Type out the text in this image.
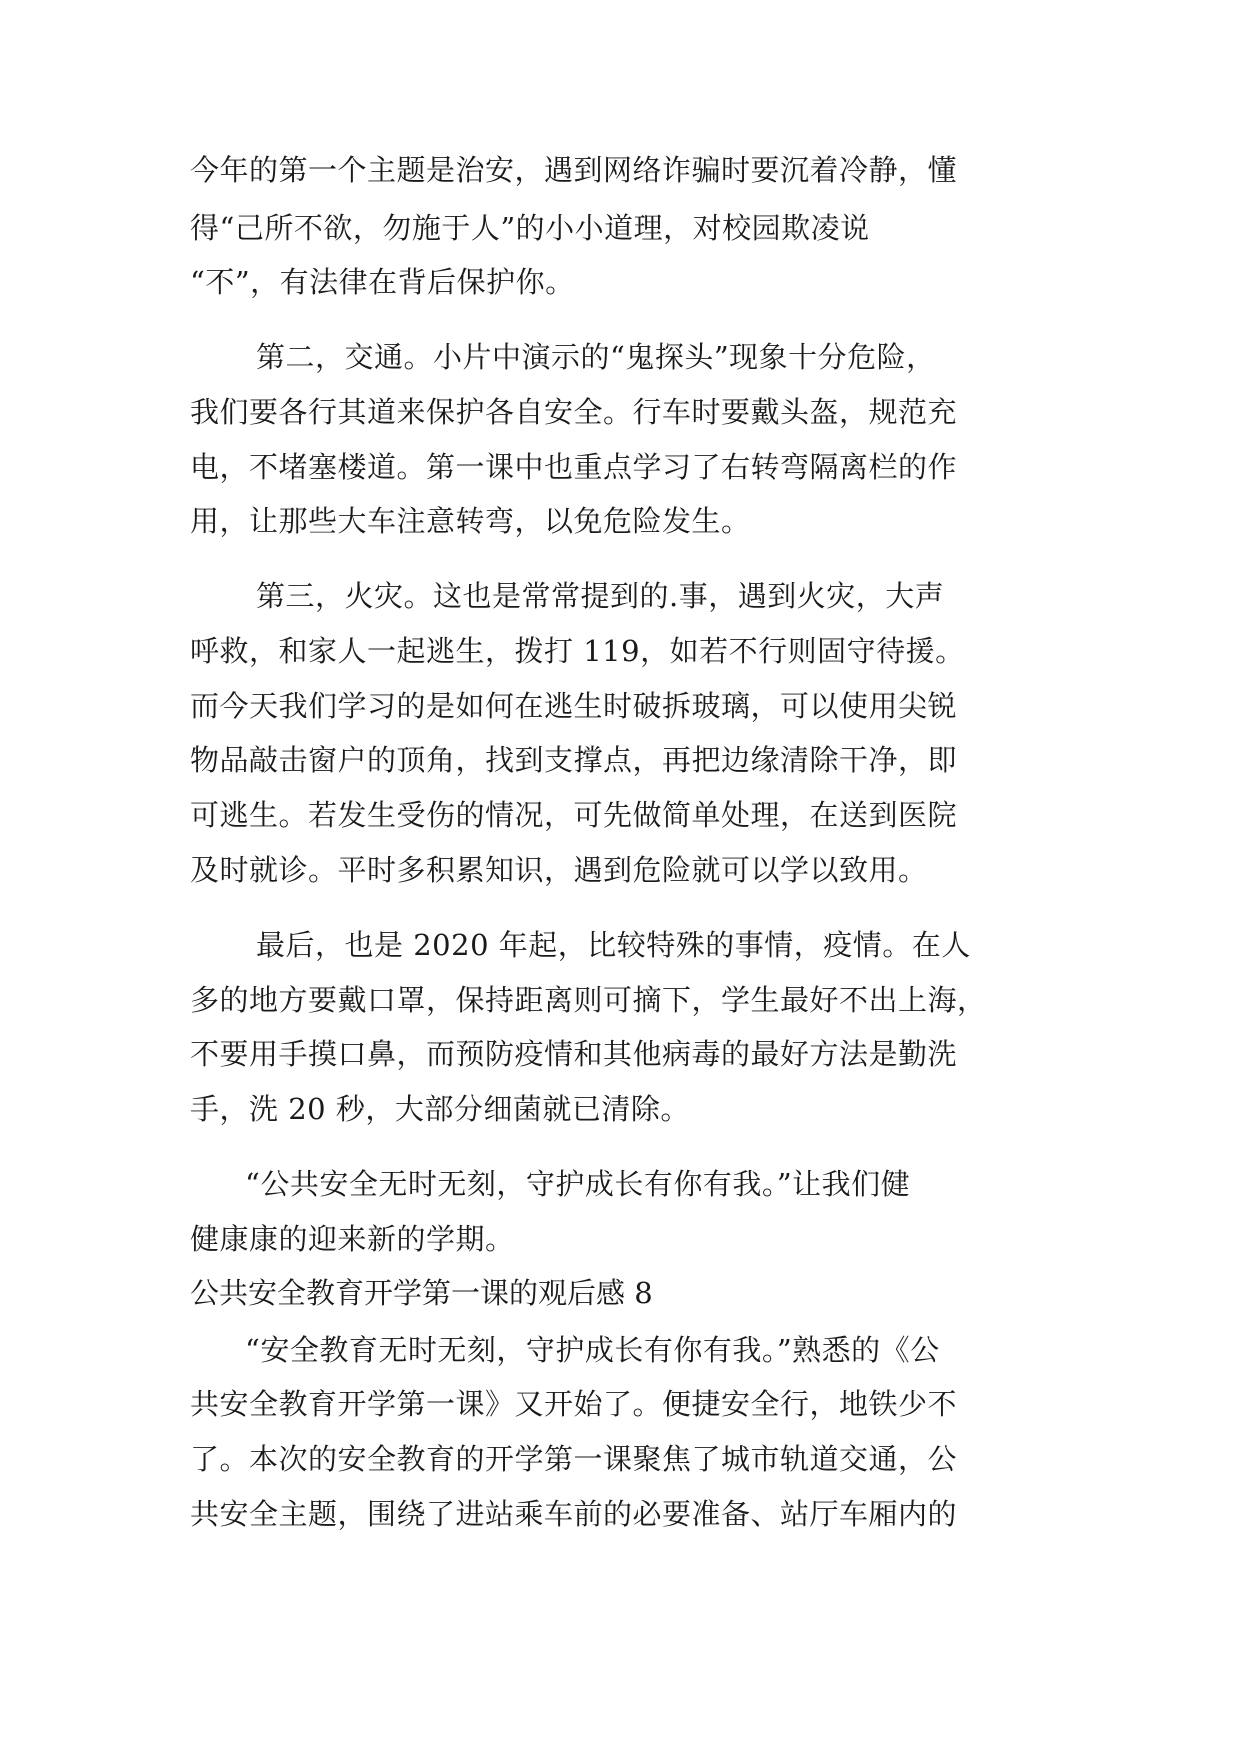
今年的第一个主题是治安，遇到网络诈骗时要沉着冷静，懂
得“己所不欲，勿施于人”的小小道理，对校园欺凌说
“不”，有法律在背后保护你。
第二，交通。小片中演示的“鬼探头”现象十分危险，
我们要各行其道来保护各自安全。行车时要戴头盔，规范充
电，不堵塞楼道。第一课中也重点学习了右转弯隔离栏的作
用，让那些大车注意转弯，以免危险发生。
第三，火灾。这也是常常提到的.事，遇到火灾，大声
呼救，和家人一起逃生，拨打 119，如若不行则固守待援。
而今天我们学习的是如何在逃生时破拆玻璃，可以使用尖锐
物品敲击窗户的顶角，找到支撑点，再把边缘清除干净，即
可逃生。若发生受伤的情况，可先做简单处理，在送到医院
及时就诊。平时多积累知识，遇到危险就可以学以致用。
最后，也是 2020 年起，比较特殊的事情，疫情。在人
多的地方要戴口罩，保持距离则可摘下，学生最好不出上海，
不要用手摸口鼻，而预防疫情和其他病毒的最好方法是勤洗
手，洗 20 秒，大部分细菌就已清除。
“公共安全无时无刻，守护成长有你有我。”让我们健
健康康的迎来新的学期。
公共安全教育开学第一课的观后感 8
“安全教育无时无刻，守护成长有你有我。”熟悉的《公
共安全教育开学第一课》又开始了。便捷安全行，地铁少不
了。本次的安全教育的开学第一课聚焦了城市轨道交通，公
共安全主题，围绕了进站乘车前的必要准备、站厅车厢内的
